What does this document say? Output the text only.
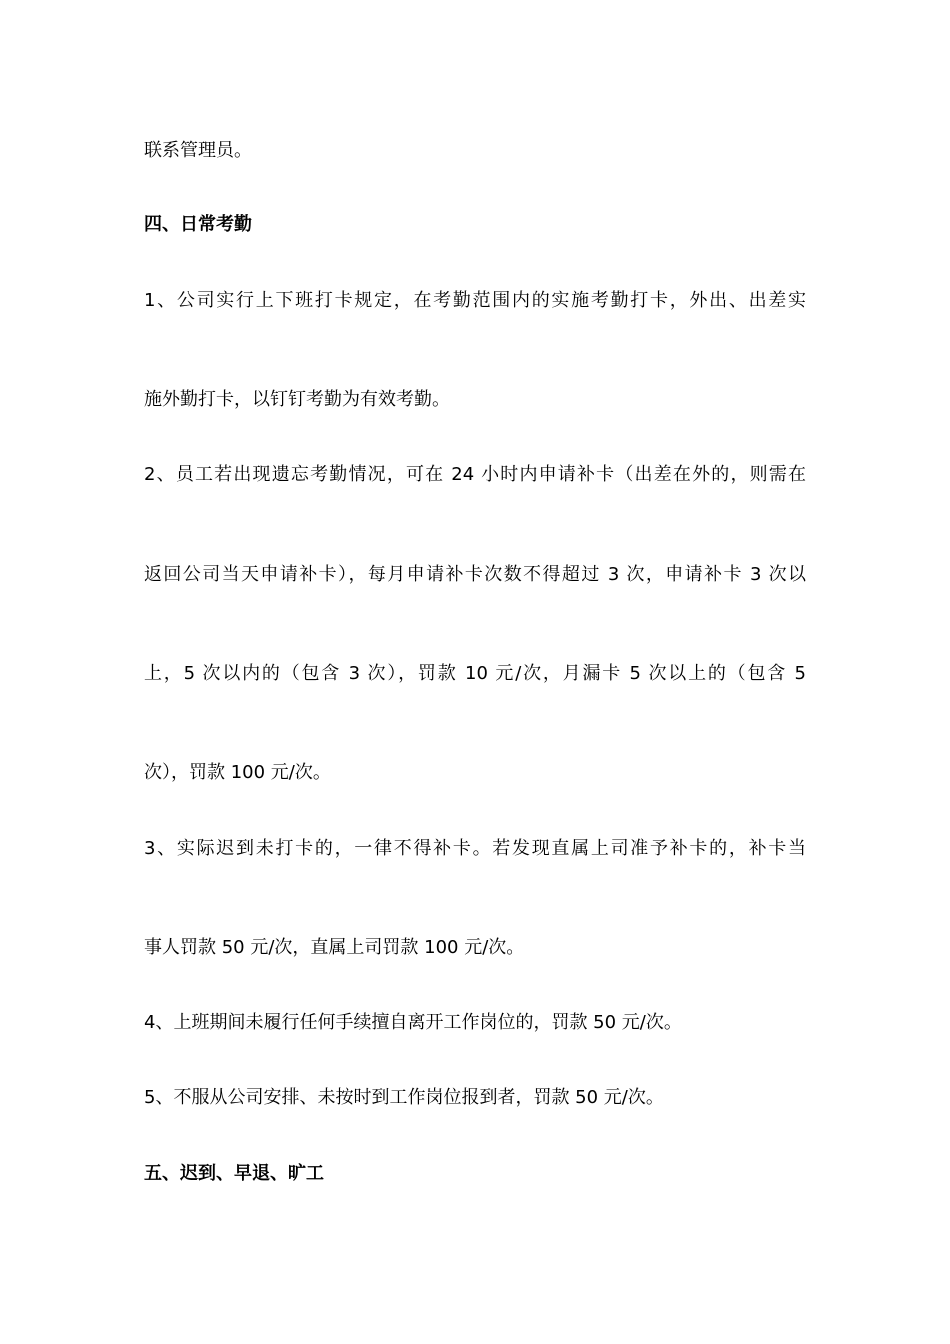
联系管理员。
四、日常考勤
1、公司实行上下班打卡规定，在考勤范围内的实施考勤打卡，外出、出差实
施外勤打卡，以钉钉考勤为有效考勤。
2、员工若出现遗忘考勤情况，可在 24 小时内申请补卡（出差在外的，则需在
返回公司当天申请补卡），每月申请补卡次数不得超过 3 次，申请补卡 3 次以
上，5 次以内的（包含 3 次），罚款 10 元/次，月漏卡 5 次以上的（包含 5
次），罚款 100 元/次。
3、实际迟到未打卡的，一律不得补卡。若发现直属上司准予补卡的，补卡当
事人罚款 50 元/次，直属上司罚款 100 元/次。
4、上班期间未履行任何手续擅自离开工作岗位的，罚款 50 元/次。
5、不服从公司安排、未按时到工作岗位报到者，罚款 50 元/次。
五、迟到、早退、旷工
